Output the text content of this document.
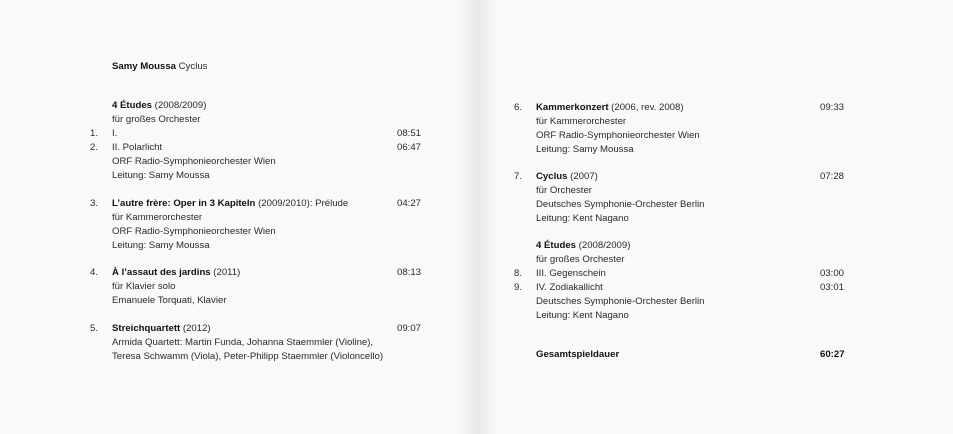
Samy Moussa Cyclus
4 Études (2008/2009)
für großes Orchester
1. I.	08:51
2. II. Polarlicht	06:47
ORF Radio-Symphonieorchester Wien
Leitung: Samy Moussa
3. L’autre frère: Oper in 3 Kapiteln (2009/2010): Prélude	04:27
für Kammerorchester
ORF Radio-Symphonieorchester Wien
Leitung: Samy Moussa
4. À l’assaut des jardins (2011)	08:13
für Klavier solo
Emanuele Torquati, Klavier
5. Streichquartett (2012)	09:07
Armida Quartett: Martin Funda, Johanna Staemmler (Violine),
Teresa Schwamm (Viola), Peter-Philipp Staemmler (Violoncello)
6. Kammerkonzert (2006, rev. 2008)	09:33
für Kammerorchester
ORF Radio-Symphonieorchester Wien
Leitung: Samy Moussa
7. Cyclus (2007)	07:28
für Orchester
Deutsches Symphonie-Orchester Berlin
Leitung: Kent Nagano
4 Études (2008/2009)
für großes Orchester
8. III. Gegenschein	03:00
9. IV. Zodiakallicht	03:01
Deutsches Symphonie-Orchester Berlin
Leitung: Kent Nagano
Gesamtspieldauer	60:27
